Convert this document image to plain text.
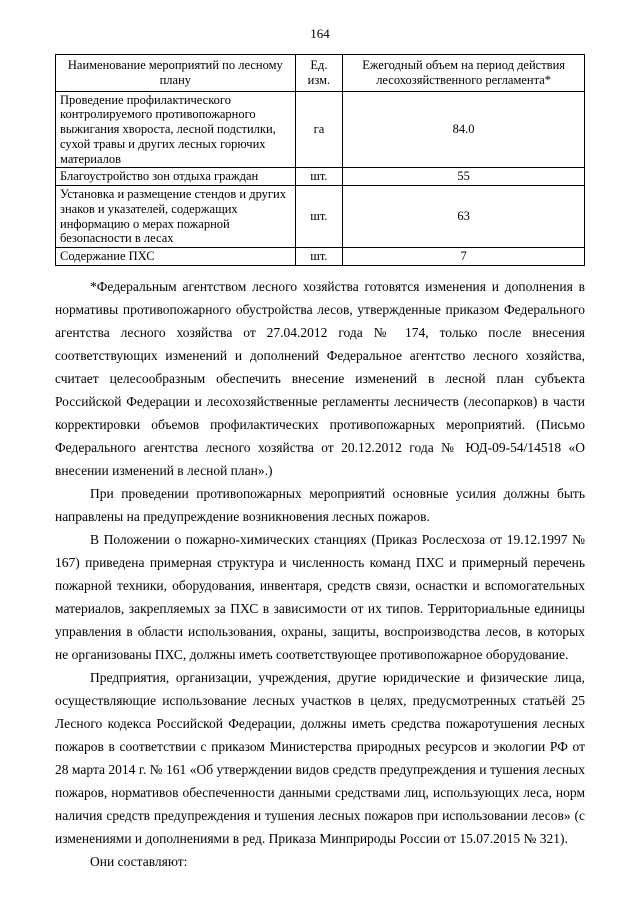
164
Наименование мероприятий по лесному плану	Ед. изм.	Ежегодный объем на период действия лесохозяйственного регламента*
Проведение профилактического контролируемого противопожарного выжигания хвороста, лесной подстилки, сухой травы и других лесных горючих материалов	га	84.0
Благоустройство зон отдыха граждан	шт.	55
Установка и размещение стендов и других знаков и указателей, содержащих информацию о мерах пожарной безопасности в лесах	шт.	63
Содержание ПХС	шт.	7

*Федеральным агентством лесного хозяйства готовятся изменения и дополнения в нормативы противопожарного обустройства лесов, утвержденные приказом Федерального агентства лесного хозяйства от 27.04.2012 года № 174, только после внесения соответствующих изменений и дополнений Федеральное агентство лесного хозяйства, считает целесообразным обеспечить внесение изменений в лесной план субъекта Российской Федерации и лесохозяйственные регламенты лесничеств (лесопарков) в части корректировки объемов профилактических противопожарных мероприятий. (Письмо Федерального агентства лесного хозяйства от 20.12.2012 года № ЮД-09-54/14518 «О внесении изменений в лесной план».)

При проведении противопожарных мероприятий основные усилия должны быть направлены на предупреждение возникновения лесных пожаров.

В Положении о пожарно-химических станциях (Приказ Рослесхоза от 19.12.1997 № 167) приведена примерная структура и численность команд ПХС и примерный перечень пожарной техники, оборудования, инвентаря, средств связи, оснастки и вспомогательных материалов, закрепляемых за ПХС в зависимости от их типов. Территориальные единицы управления в области использования, охраны, защиты, воспроизводства лесов, в которых не организованы ПХС, должны иметь соответствующее противопожарное оборудование.

Предприятия, организации, учреждения, другие юридические и физические лица, осуществляющие использование лесных участков в целях, предусмотренных статьёй 25 Лесного кодекса Российской Федерации, должны иметь средства пожаротушения лесных пожаров в соответствии с приказом Министерства природных ресурсов и экологии РФ от 28 марта 2014 г. № 161 «Об утверждении видов средств предупреждения и тушения лесных пожаров, нормативов обеспеченности данными средствами лиц, использующих леса, норм наличия средств предупреждения и тушения лесных пожаров при использовании лесов» (с изменениями и дополнениями в ред. Приказа Минприроды России от 15.07.2015 № 321).

Они составляют:
